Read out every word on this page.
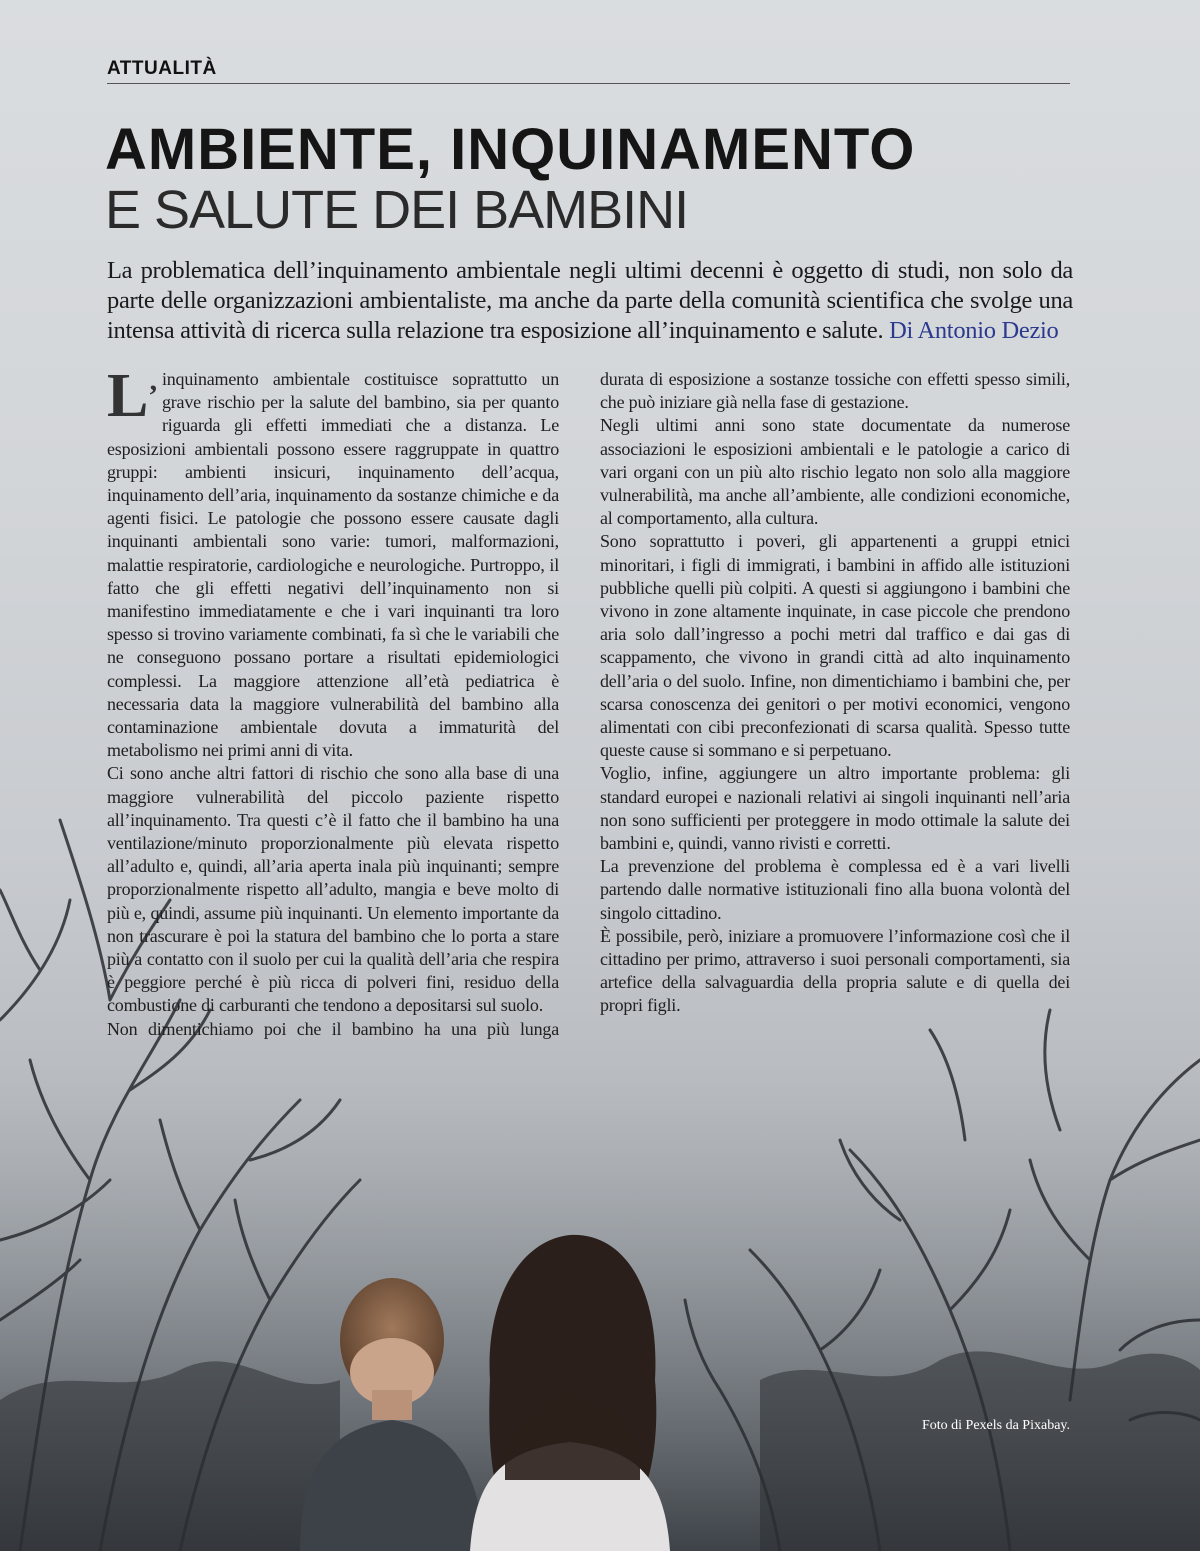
ATTUALITÀ
AMBIENTE, INQUINAMENTO
E SALUTE DEI BAMBINI
La problematica dell’inquinamento ambientale negli ultimi decenni è oggetto di studi, non solo da parte delle organizzazioni ambientaliste, ma anche da parte della comunità scientifica che svolge una intensa attività di ricerca sulla relazione tra esposizione all’inquinamento e salute. Di Antonio Dezio

L’ inquinamento ambientale costituisce soprattutto un grave rischio per la salute del bambino, sia per quanto riguarda gli effetti immediati che a distanza. Le esposizioni ambientali possono essere raggruppate in quattro gruppi: ambienti insicuri, inquinamento dell’acqua, inquinamento dell’aria, inquinamento da sostanze chimiche e da agenti fisici. Le patologie che possono essere causate dagli inquinanti ambientali sono varie: tumori, malformazioni, malattie respiratorie, cardiologiche e neurologiche. Purtroppo, il fatto che gli effetti negativi dell’inquinamento non si manifestino immediatamente e che i vari inquinanti tra loro spesso si trovino variamente combinati, fa sì che le variabili che ne conseguono possano portare a risultati epidemiologici complessi. La maggiore attenzione all’età pediatrica è necessaria data la maggiore vulnerabilità del bambino alla contaminazione ambientale dovuta a immaturità del metabolismo nei primi anni di vita.

Ci sono anche altri fattori di rischio che sono alla base di una maggiore vulnerabilità del piccolo paziente rispetto all’inquinamento. Tra questi c’è il fatto che il bambino ha una ventilazione/minuto proporzionalmente più elevata rispetto all’adulto e, quindi, all’aria aperta inala più inquinanti; sempre proporzionalmente rispetto all’adulto, mangia e beve molto di più e, quindi, assume più inquinanti. Un elemento importante da non trascurare è poi la statura del bambino che lo porta a stare più a contatto con il suolo per cui la qualità dell’aria che respira è peggiore perché è più ricca di polveri fini, residuo della combustione di carburanti che tendono a depositarsi sul suolo.

Non dimentichiamo poi che il bambino ha una più lunga

durata di esposizione a sostanze tossiche con effetti spesso simili, che può iniziare già nella fase di gestazione.

Negli ultimi anni sono state documentate da numerose associazioni le esposizioni ambientali e le patologie a carico di vari organi con un più alto rischio legato non solo alla maggiore vulnerabilità, ma anche all’ambiente, alle condizioni economiche, al comportamento, alla cultura.

Sono soprattutto i poveri, gli appartenenti a gruppi etnici minoritari, i figli di immigrati, i bambini in affido alle istituzioni pubbliche quelli più colpiti. A questi si aggiungono i bambini che vivono in zone altamente inquinate, in case piccole che prendono aria solo dall’ingresso a pochi metri dal traffico e dai gas di scappamento, che vivono in grandi città ad alto inquinamento dell’aria o del suolo. Infine, non dimentichiamo i bambini che, per scarsa conoscenza dei genitori o per motivi economici, vengono alimentati con cibi preconfezionati di scarsa qualità. Spesso tutte queste cause si sommano e si perpetuano.

Voglio, infine, aggiungere un altro importante problema: gli standard europei e nazionali relativi ai singoli inquinanti nell’aria non sono sufficienti per proteggere in modo ottimale la salute dei bambini e, quindi, vanno rivisti e corretti.

La prevenzione del problema è complessa ed è a vari livelli partendo dalle normative istituzionali fino alla buona volontà del singolo cittadino.

È possibile, però, iniziare a promuovere l’informazione così che il cittadino per primo, attraverso i suoi personali comportamenti, sia artefice della salvaguardia della propria salute e di quella dei propri figli.

Foto di Pexels da Pixabay.
